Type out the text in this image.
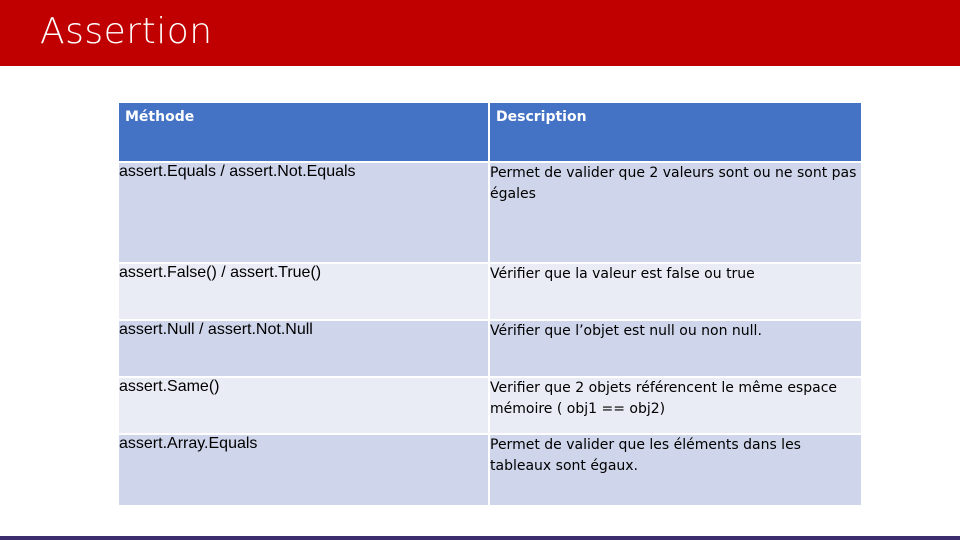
Assertion
Méthode	Description
assert.Equals / assert.Not.Equals	Permet de valider que 2 valeurs sont ou ne sont pas égales
assert.False() / assert.True()	Vérifier que la valeur est false ou true
assert.Null / assert.Not.Null	Vérifier que l’objet est null ou non null.
assert.Same()	Verifier que 2 objets référencent le même espace mémoire ( obj1 == obj2)
assert.Array.Equals	Permet de valider que les éléments dans les tableaux sont égaux.
